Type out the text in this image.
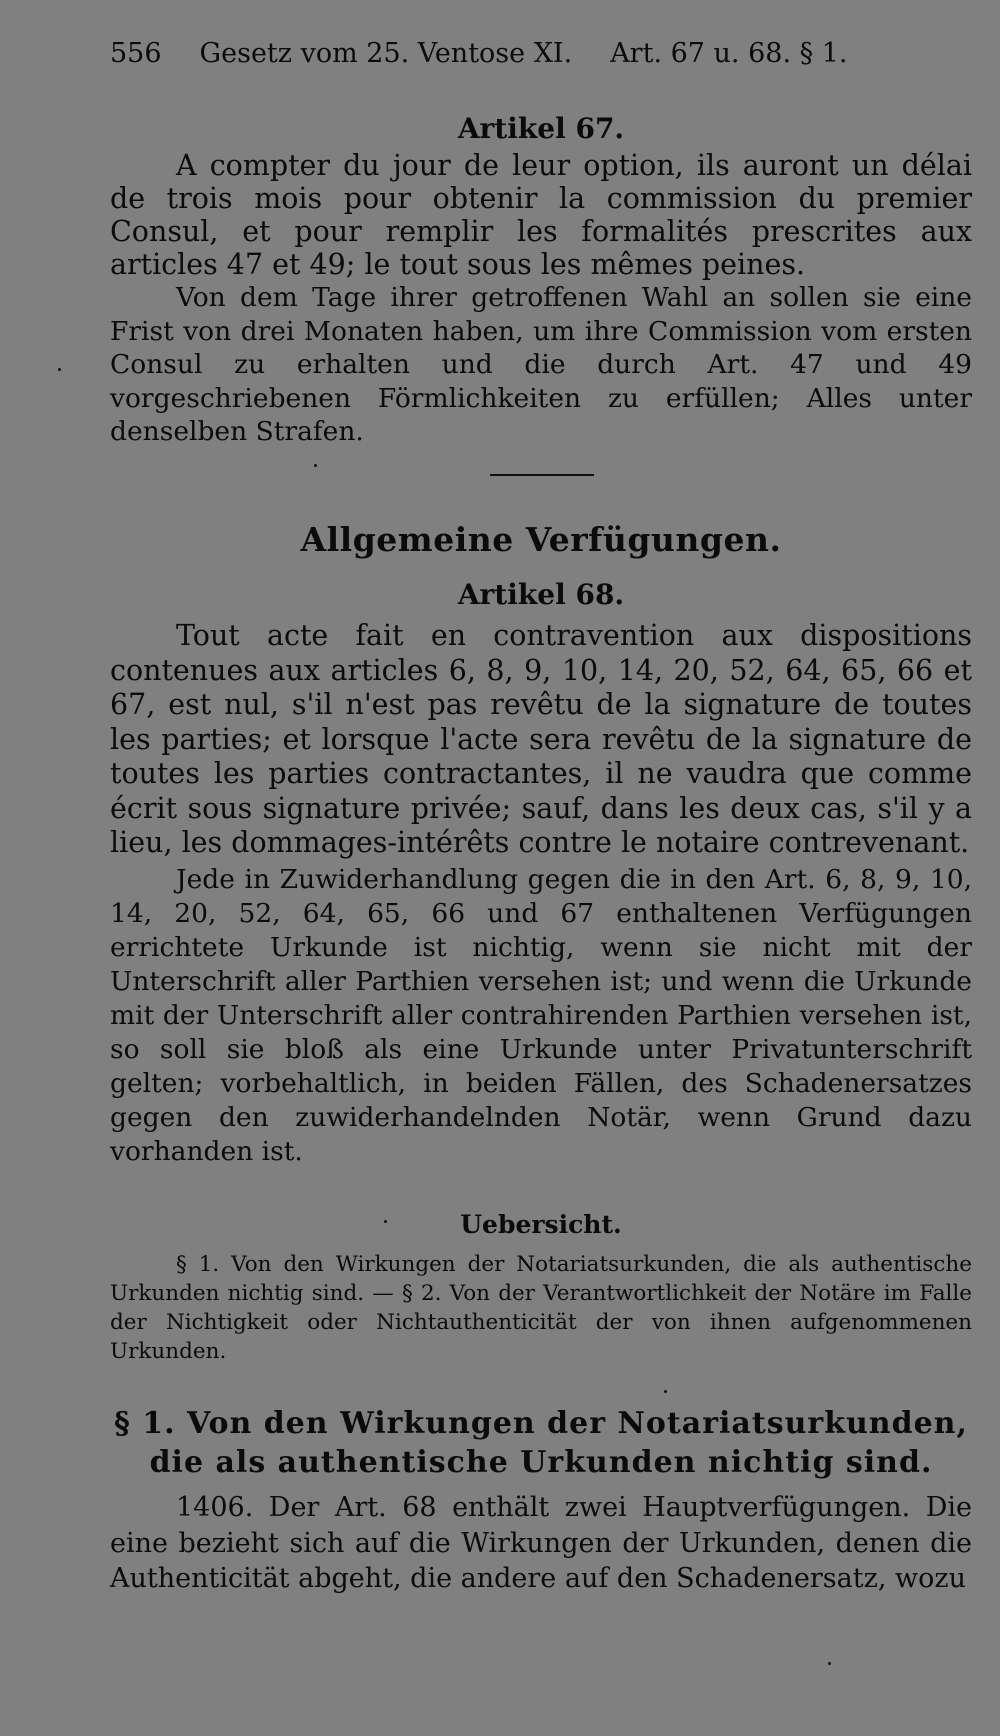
556 Gesetz vom 25. Ventose XI. Art. 67 u. 68. § 1.
Artikel 67.

A compter du jour de leur option, ils auront un délai de trois mois pour obtenir la commission du premier Consul, et pour remplir les formalités prescrites aux articles 47 et 49; le tout sous les mêmes peines.

Von dem Tage ihrer getroffenen Wahl an sollen sie eine Frist von drei Monaten haben, um ihre Commission vom ersten Consul zu erhalten und die durch Art. 47 und 49 vorgeschriebenen Förmlichkeiten zu erfüllen; Alles unter denselben Strafen.

Allgemeine Verfügungen.
Artikel 68.

Tout acte fait en contravention aux dispositions contenues aux articles 6, 8, 9, 10, 14, 20, 52, 64, 65, 66 et 67, est nul, s'il n'est pas revêtu de la signature de toutes les parties; et lorsque l'acte sera revêtu de la signature de toutes les parties contractantes, il ne vaudra que comme écrit sous signature privée; sauf, dans les deux cas, s'il y a lieu, les dommages-intérêts contre le notaire contrevenant.

Jede in Zuwiderhandlung gegen die in den Art. 6, 8, 9, 10, 14, 20, 52, 64, 65, 66 und 67 enthaltenen Verfügungen errichtete Urkunde ist nichtig, wenn sie nicht mit der Unterschrift aller Parthien versehen ist; und wenn die Urkunde mit der Unterschrift aller contrahirenden Parthien versehen ist, so soll sie bloß als eine Urkunde unter Privatunterschrift gelten; vorbehaltlich, in beiden Fällen, des Schadenersatzes gegen den zuwiderhandelnden Notär, wenn Grund dazu vorhanden ist.

Uebersicht.
§ 1. Von den Wirkungen der Notariatsurkunden, die als authentische Urkunden nichtig sind. — § 2. Von der Verantwortlichkeit der Notäre im Falle der Nichtigkeit oder Nichtauthenticität der von ihnen aufgenommenen Urkunden.
§ 1. Von den Wirkungen der Notariatsurkunden, die als authentische Urkunden nichtig sind.
1406. Der Art. 68 enthält zwei Hauptverfügungen. Die eine bezieht sich auf die Wirkungen der Urkunden, denen die Authenticität abgeht, die andere auf den Schadenersatz, wozu
